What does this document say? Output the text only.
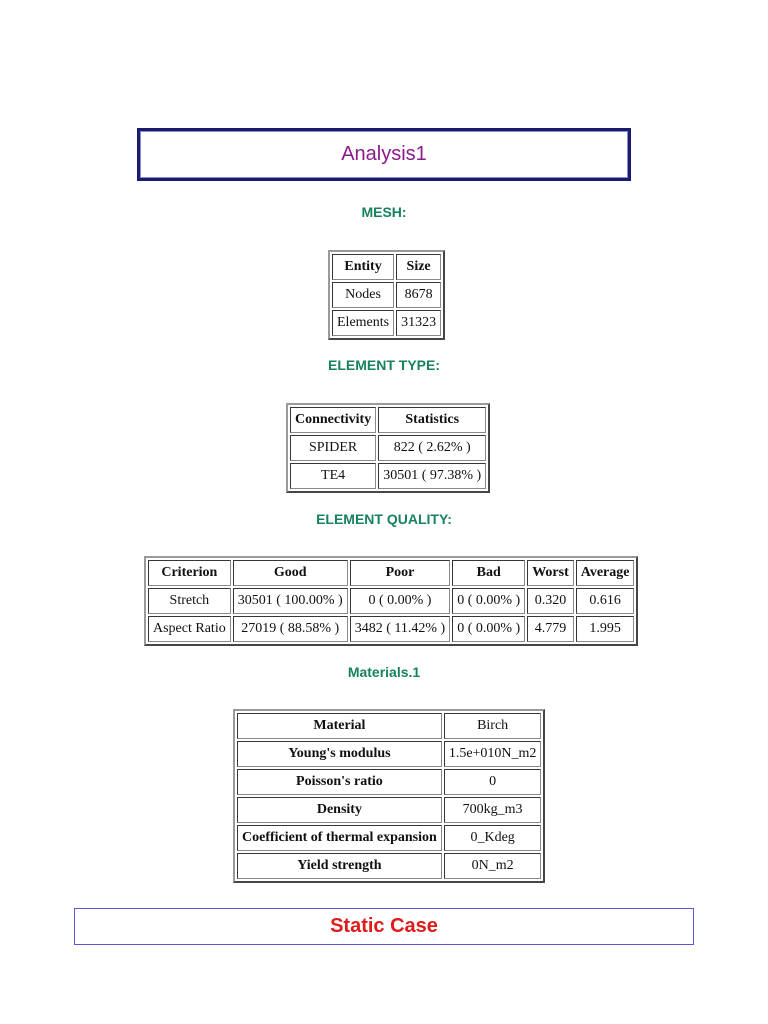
Analysis1
MESH:
Entity	Size
Nodes	8678
Elements	31323
ELEMENT TYPE:
Connectivity	Statistics
SPIDER	822 ( 2.62% )
TE4	30501 ( 97.38% )
ELEMENT QUALITY:
Criterion	Good	Poor	Bad	Worst	Average
Stretch	30501 ( 100.00% )	0 ( 0.00% )	0 ( 0.00% )	0.320	0.616
Aspect Ratio	27019 ( 88.58% )	3482 ( 11.42% )	0 ( 0.00% )	4.779	1.995
Materials.1
Material	Birch
Young's modulus	1.5e+010N_m2
Poisson's ratio	0
Density	700kg_m3
Coefficient of thermal expansion	0_Kdeg
Yield strength	0N_m2
Static Case
